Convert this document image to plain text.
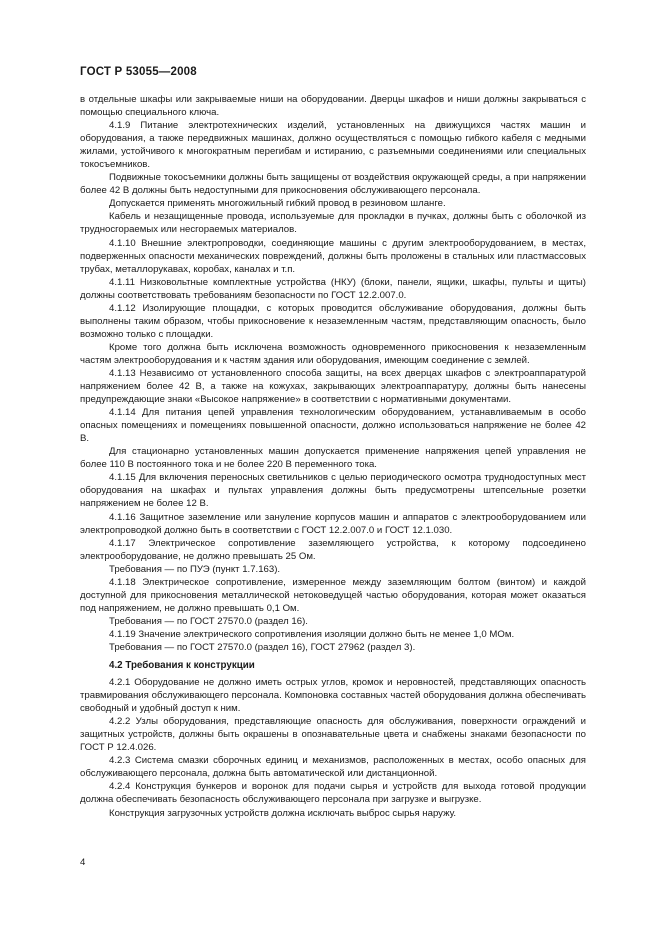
ГОСТ Р 53055—2008

в отдельные шкафы или закрываемые ниши на оборудовании. Дверцы шкафов и ниши должны закрываться с помощью специального ключа.

4.1.9 Питание электротехнических изделий, установленных на движущихся частях машин и оборудования, а также передвижных машинах, должно осуществляться с помощью гибкого кабеля с медными жилами, устойчивого к многократным перегибам и истиранию, с разъемными соединениями или специальных токосъемников.

Подвижные токосъемники должны быть защищены от воздействия окружающей среды, а при напряжении более 42 В должны быть недоступными для прикосновения обслуживающего персонала.

Допускается применять многожильный гибкий провод в резиновом шланге.

Кабель и незащищенные провода, используемые для прокладки в пучках, должны быть с оболочкой из трудносгораемых или несгораемых материалов.

4.1.10 Внешние электропроводки, соединяющие машины с другим электрооборудованием, в местах, подверженных опасности механических повреждений, должны быть проложены в стальных или пластмассовых трубах, металлорукавах, коробах, каналах и т.п.

4.1.11 Низковольтные комплектные устройства (НКУ) (блоки, панели, ящики, шкафы, пульты и щиты) должны соответствовать требованиям безопасности по ГОСТ 12.2.007.0.

4.1.12 Изолирующие площадки, с которых проводится обслуживание оборудования, должны быть выполнены таким образом, чтобы прикосновение к незаземленным частям, представляющим опасность, было возможно только с площадки.

Кроме того должна быть исключена возможность одновременного прикосновения к незаземленным частям электрооборудования и к частям здания или оборудования, имеющим соединение с землей.

4.1.13 Независимо от установленного способа защиты, на всех дверцах шкафов с электроаппаратурой напряжением более 42 В, а также на кожухах, закрывающих электроаппаратуру, должны быть нанесены предупреждающие знаки «Высокое напряжение» в соответствии с нормативными документами.

4.1.14 Для питания цепей управления технологическим оборудованием, устанавливаемым в особо опасных помещениях и помещениях повышенной опасности, должно использоваться напряжение не более 42 В.

Для стационарно установленных машин допускается применение напряжения цепей управления не более 110 В постоянного тока и не более 220 В переменного тока.

4.1.15 Для включения переносных светильников с целью периодического осмотра труднодоступных мест оборудования на шкафах и пультах управления должны быть предусмотрены штепсельные розетки напряжением не более 12 В.

4.1.16 Защитное заземление или зануление корпусов машин и аппаратов с электрооборудованием или электропроводкой должно быть в соответствии с ГОСТ 12.2.007.0 и ГОСТ 12.1.030.

4.1.17 Электрическое сопротивление заземляющего устройства, к которому подсоединено электрооборудование, не должно превышать 25 Ом.

Требования — по ПУЭ (пункт 1.7.163).

4.1.18 Электрическое сопротивление, измеренное между заземляющим болтом (винтом) и каждой доступной для прикосновения металлической нетоковедущей частью оборудования, которая может оказаться под напряжением, не должно превышать 0,1 Ом.

Требования — по ГОСТ 27570.0 (раздел 16).

4.1.19 Значение электрического сопротивления изоляции должно быть не менее 1,0 МОм.

Требования — по ГОСТ 27570.0 (раздел 16), ГОСТ 27962 (раздел 3).

4.2 Требования к конструкции

4.2.1 Оборудование не должно иметь острых углов, кромок и неровностей, представляющих опасность травмирования обслуживающего персонала. Компоновка составных частей оборудования должна обеспечивать свободный и удобный доступ к ним.

4.2.2 Узлы оборудования, представляющие опасность для обслуживания, поверхности ограждений и защитных устройств, должны быть окрашены в опознавательные цвета и снабжены знаками безопасности по ГОСТ Р 12.4.026.

4.2.3 Система смазки сборочных единиц и механизмов, расположенных в местах, особо опасных для обслуживающего персонала, должна быть автоматической или дистанционной.

4.2.4 Конструкция бункеров и воронок для подачи сырья и устройств для выхода готовой продукции должна обеспечивать безопасность обслуживающего персонала при загрузке и выгрузке.

Конструкция загрузочных устройств должна исключать выброс сырья наружу.

4
